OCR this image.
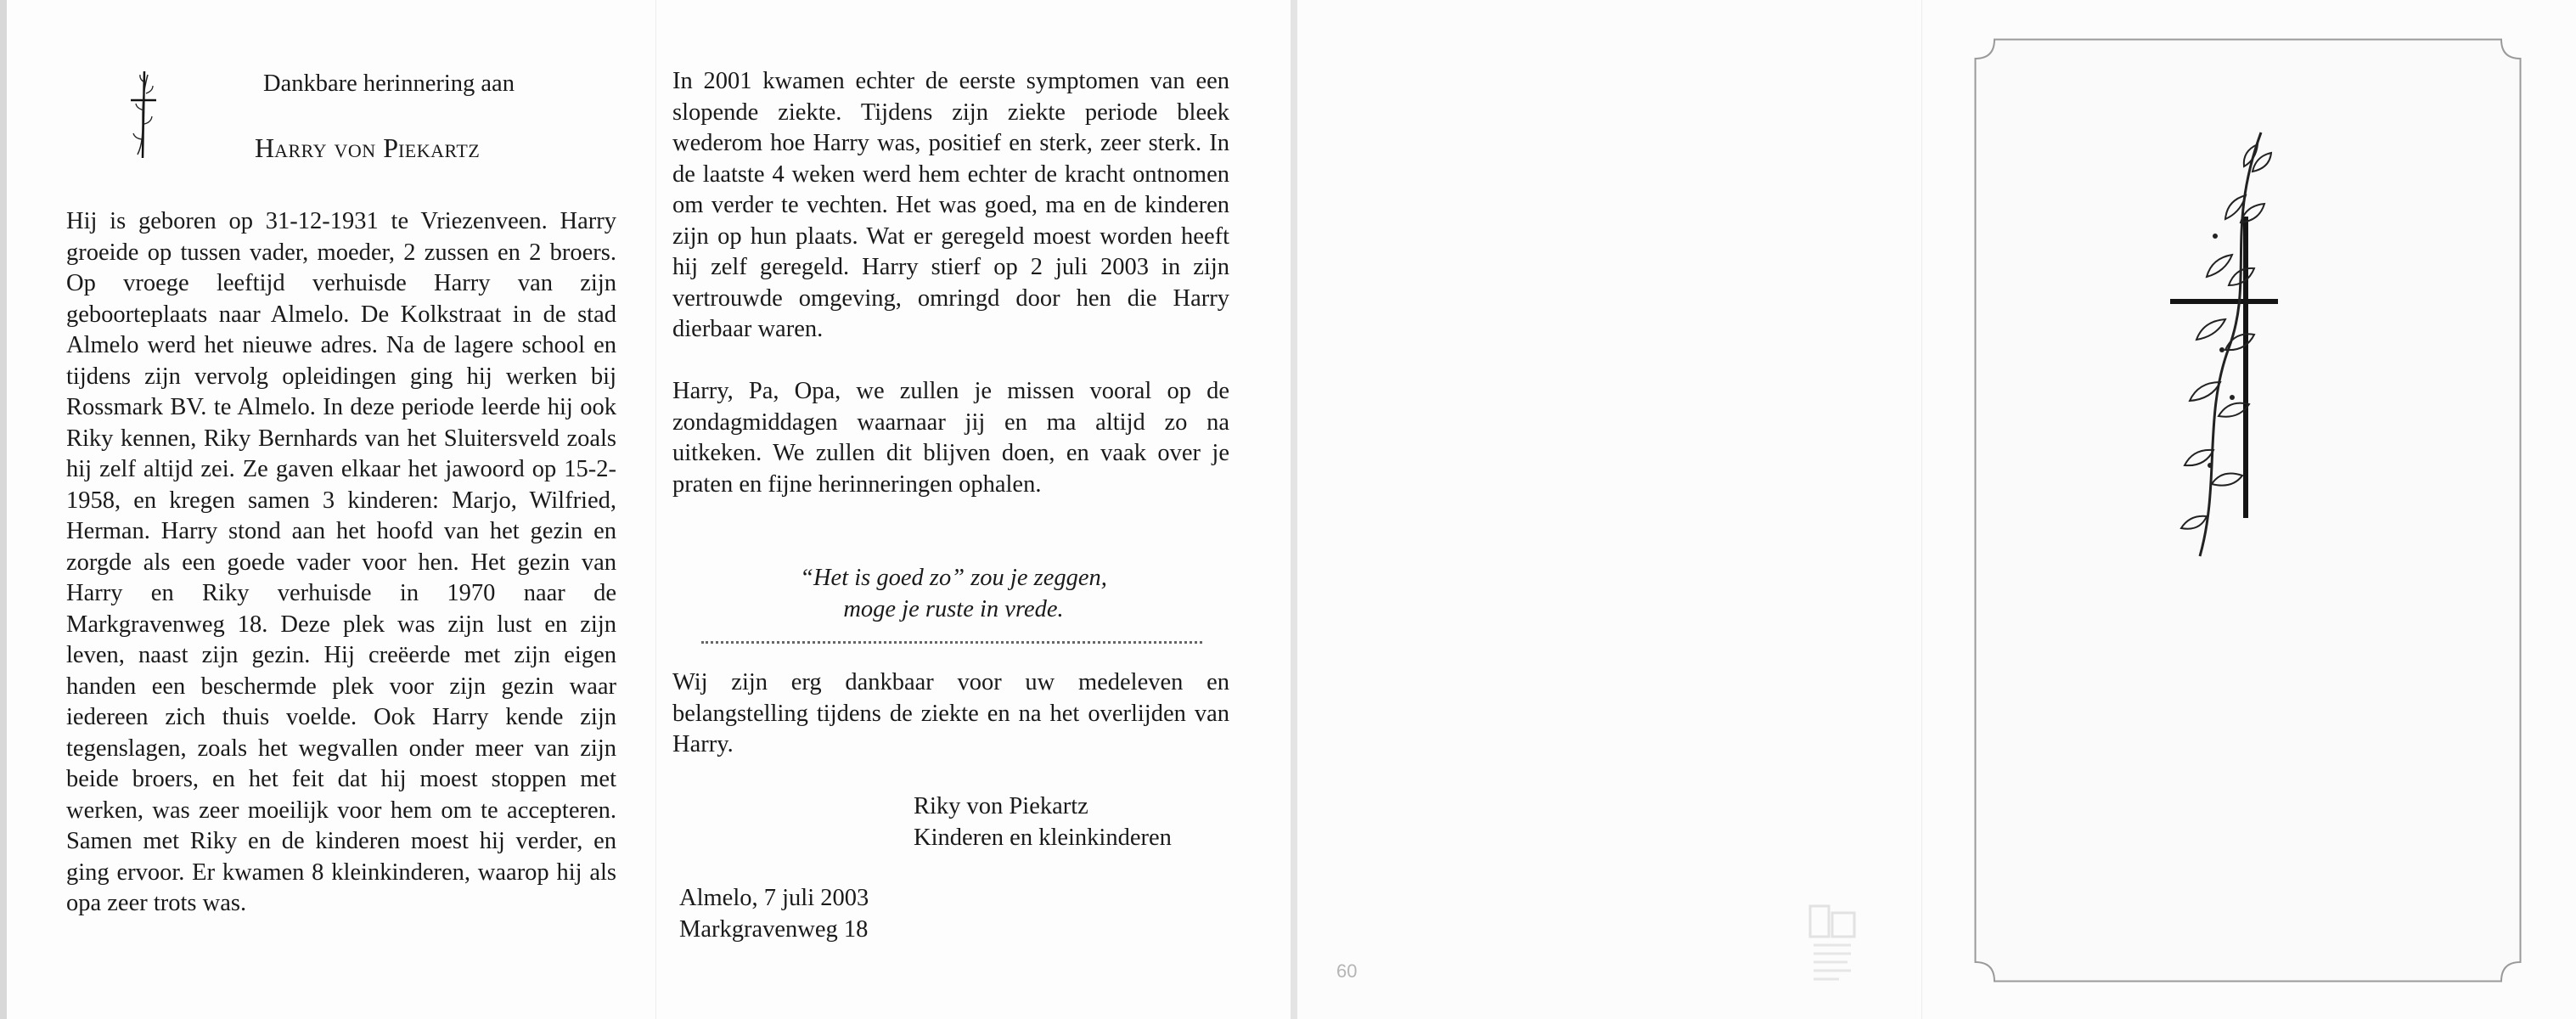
Dankbare herinnering aan
Harry von Piekartz

Hij is geboren op 31-12-1931 te Vriezenveen. Harry groeide op tussen vader, moeder, 2 zussen en 2 broers. Op vroege leeftijd verhuisde Harry van zijn geboorteplaats naar Almelo. De Kolkstraat in de stad Almelo werd het nieuwe adres. Na de lagere school en tijdens zijn vervolg opleidingen ging hij werken bij Rossmark BV. te Almelo. In deze periode leerde hij ook Riky kennen, Riky Bernhards van het Sluitersveld zoals hij zelf altijd zei. Ze gaven elkaar het jawoord op 15-2-1958, en kregen samen 3 kinderen: Marjo, Wilfried, Herman. Harry stond aan het hoofd van het gezin en zorgde als een goede vader voor hen. Het gezin van Harry en Riky verhuisde in 1970 naar de Markgravenweg 18. Deze plek was zijn lust en zijn leven, naast zijn gezin. Hij creëerde met zijn eigen handen een beschermde plek voor zijn gezin waar iedereen zich thuis voelde. Ook Harry kende zijn tegenslagen, zoals het wegvallen onder meer van zijn beide broers, en het feit dat hij moest stoppen met werken, was zeer moeilijk voor hem om te accepteren. Samen met Riky en de kinderen moest hij verder, en ging ervoor. Er kwamen 8 kleinkinderen, waarop hij als opa zeer trots was.

In 2001 kwamen echter de eerste symptomen van een slopende ziekte. Tijdens zijn ziekte periode bleek wederom hoe Harry was, positief en sterk, zeer sterk. In de laatste 4 weken werd hem echter de kracht ontnomen om verder te vechten. Het was goed, ma en de kinderen zijn op hun plaats. Wat er geregeld moest worden heeft hij zelf geregeld. Harry stierf op 2 juli 2003 in zijn vertrouwde omgeving, omringd door hen die Harry dierbaar waren.

Harry, Pa, Opa, we zullen je missen vooral op de zondagmiddagen waarnaar jij en ma altijd zo na uitkeken. We zullen dit blijven doen, en vaak over je praten en fijne herinneringen ophalen.

“Het is goed zo” zou je zeggen,

moge je ruste in vrede.

Wij zijn erg dankbaar voor uw medeleven en belangstelling tijdens de ziekte en na het overlijden van Harry.

Riky von Piekartz

Kinderen en kleinkinderen

Almelo, 7 juli 2003

Markgravenweg 18

60
